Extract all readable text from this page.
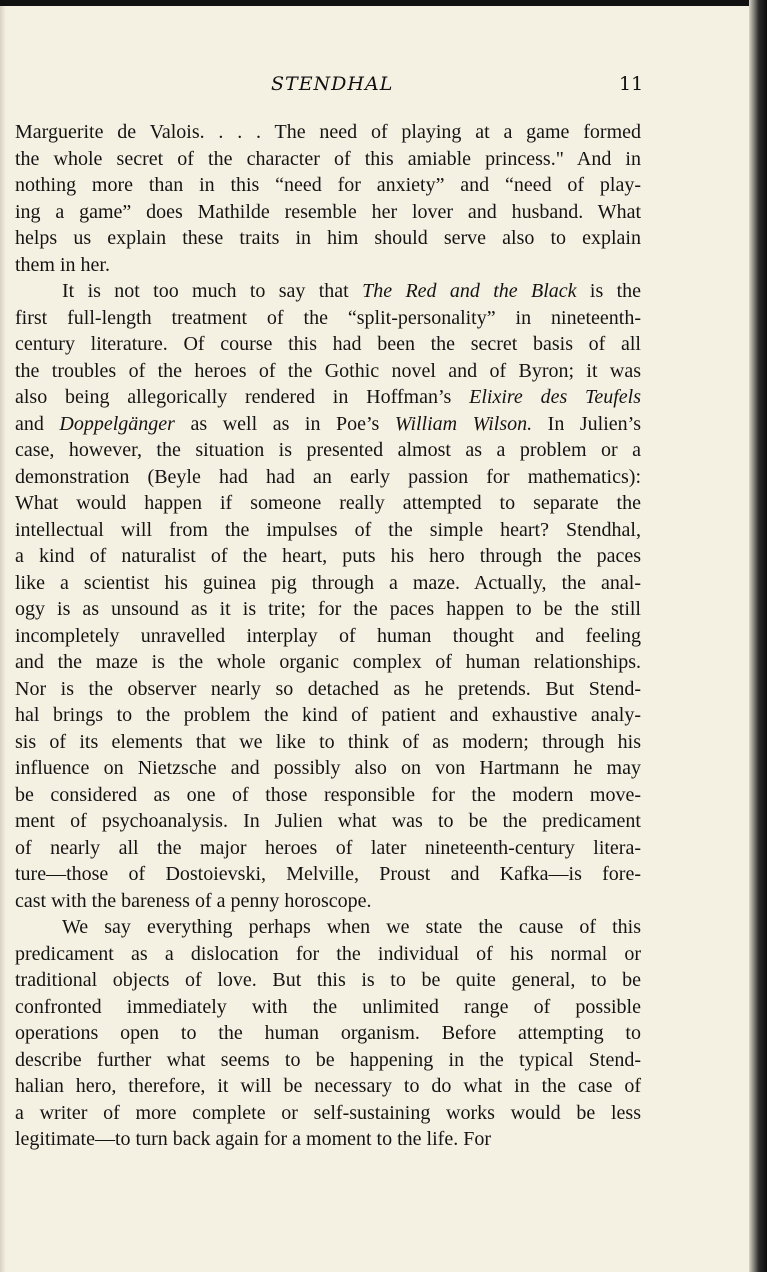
STENDHAL	11
Marguerite de Valois. . . . The need of playing at a game formed
the whole secret of the character of this amiable princess." And in
nothing more than in this “need for anxiety” and “need of play-
ing a game” does Mathilde resemble her lover and husband. What
helps us explain these traits in him should serve also to explain
them in her.
It is not too much to say that The Red and the Black is the
first full-length treatment of the “split-personality” in nineteenth-
century literature. Of course this had been the secret basis of all
the troubles of the heroes of the Gothic novel and of Byron; it was
also being allegorically rendered in Hoffman’s Elixire des Teufels
and Doppelgänger as well as in Poe’s William Wilson. In Julien’s
case, however, the situation is presented almost as a problem or a
demonstration (Beyle had had an early passion for mathematics):
What would happen if someone really attempted to separate the
intellectual will from the impulses of the simple heart? Stendhal,
a kind of naturalist of the heart, puts his hero through the paces
like a scientist his guinea pig through a maze. Actually, the anal-
ogy is as unsound as it is trite; for the paces happen to be the still
incompletely unravelled interplay of human thought and feeling
and the maze is the whole organic complex of human relationships.
Nor is the observer nearly so detached as he pretends. But Stend-
hal brings to the problem the kind of patient and exhaustive analy-
sis of its elements that we like to think of as modern; through his
influence on Nietzsche and possibly also on von Hartmann he may
be considered as one of those responsible for the modern move-
ment of psychoanalysis. In Julien what was to be the predicament
of nearly all the major heroes of later nineteenth-century litera-
ture—those of Dostoievski, Melville, Proust and Kafka—is fore-
cast with the bareness of a penny horoscope.
We say everything perhaps when we state the cause of this
predicament as a dislocation for the individual of his normal or
traditional objects of love. But this is to be quite general, to be
confronted immediately with the unlimited range of possible
operations open to the human organism. Before attempting to
describe further what seems to be happening in the typical Stend-
halian hero, therefore, it will be necessary to do what in the case of
a writer of more complete or self-sustaining works would be less
legitimate—to turn back again for a moment to the life. For
